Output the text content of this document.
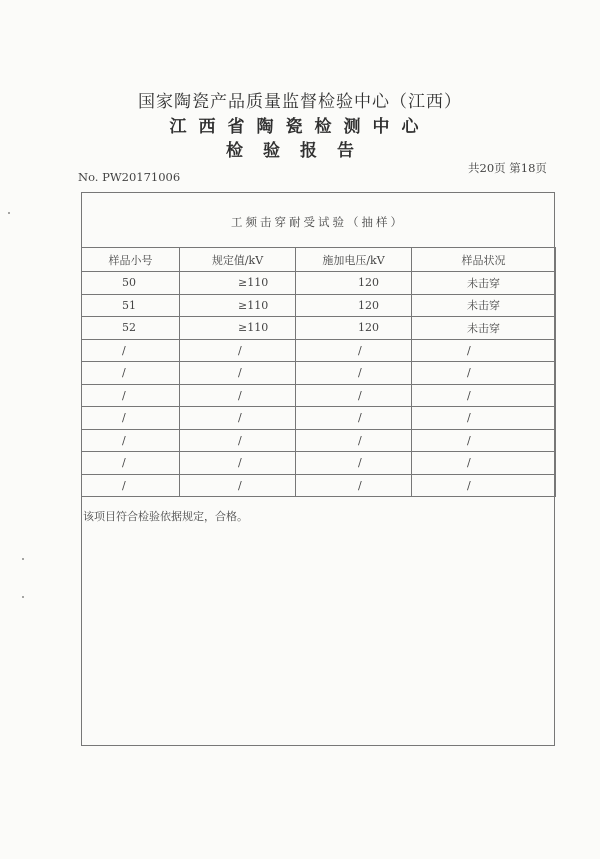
国家陶瓷产品质量监督检验中心（江西）
江西省陶瓷检测中心
检验报告
No. PW20171006
共20页 第18页
工频击穿耐受试验（抽样）
样品小号	规定值/kV	施加电压/kV	样品状况
50	≥110	120	未击穿
51	≥110	120	未击穿
52	≥110	120	未击穿
/	/	/	/
/	/	/	/
/	/	/	/
/	/	/	/
/	/	/	/
/	/	/	/
/	/	/	/
该项目符合检验依据规定，合格。
